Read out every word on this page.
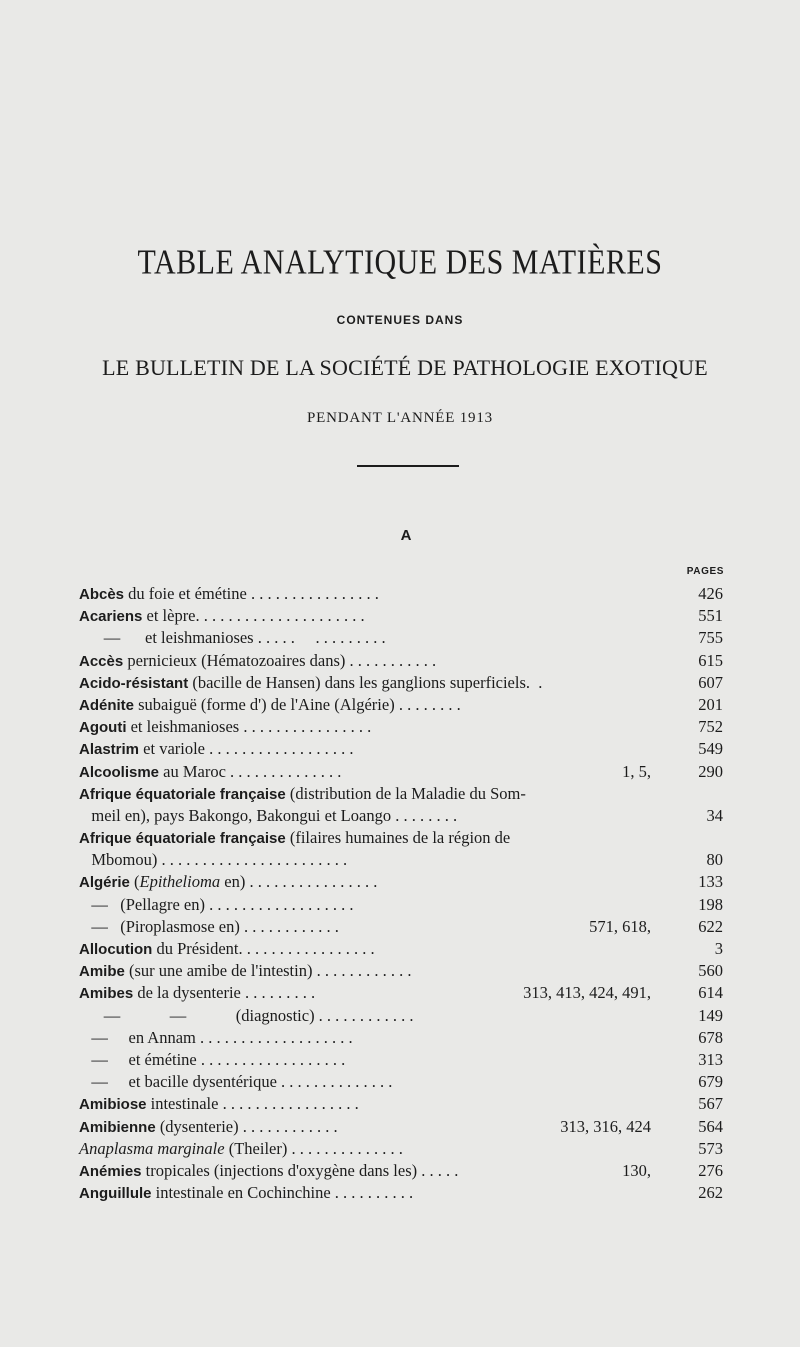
TABLE ANALYTIQUE DES MATIÈRES
CONTENUES DANS
LE BULLETIN DE LA SOCIÉTÉ DE PATHOLOGIE EXOTIQUE
PENDANT L'ANNÉE 1913
A
PAGES
Abcès du foie et émétine . . . . . . . . . . . . . . . .	426
Acariens et lèpre. . . . . . . . . . . . . . . . . . . . .	551
—      et leishmanioses . . . . .     . . . . . . . . .	755
Accès pernicieux (Hématozoaires dans) . . . . . . . . . . .	615
Acido-résistant (bacille de Hansen) dans les ganglions superficiels.  .	607
Adénite subaiguë (forme d') de l'Aine (Algérie) . . . . . . . .	201
Agouti et leishmanioses . . . . . . . . . . . . . . . .	752
Alastrim et variole . . . . . . . . . . . . . . . . . .	549
Alcoolisme au Maroc . . . . . . . . . . . . . .	1, 5,	290
Afrique équatoriale française (distribution de la Maladie du Som-
meil en), pays Bakongo, Bakongui et Loango . . . . . . . .	34
Afrique équatoriale française (filaires humaines de la région de
Mbomou) . . . . . . . . . . . . . . . . . . . . . . .	80
Algérie (Epithelioma en) . . . . . . . . . . . . . . . .	133
—   (Pellagre en) . . . . . . . . . . . . . . . . . .	198
—   (Piroplasmose en) . . . . . . . . . . . .	571, 618,	622
Allocution du Président. . . . . . . . . . . . . . . . .	3
Amibe (sur une amibe de l'intestin) . . . . . . . . . . . .	560
Amibes de la dysenterie . . . . . . . . .	313, 413, 424, 491,	614
—            —            (diagnostic) . . . . . . . . . . . .	149
—     en Annam . . . . . . . . . . . . . . . . . . .	678
—     et émétine . . . . . . . . . . . . . . . . . .	313
—     et bacille dysentérique . . . . . . . . . . . . . .	679
Amibiose intestinale . . . . . . . . . . . . . . . . .	567
Amibienne (dysenterie) . . . . . . . . . . . .	313, 316, 424	564
Anaplasma marginale (Theiler) . . . . . . . . . . . . . .	573
Anémies tropicales (injections d'oxygène dans les) . . . . .	130,	276
Anguillule intestinale en Cochinchine . . . . . . . . . .	262
